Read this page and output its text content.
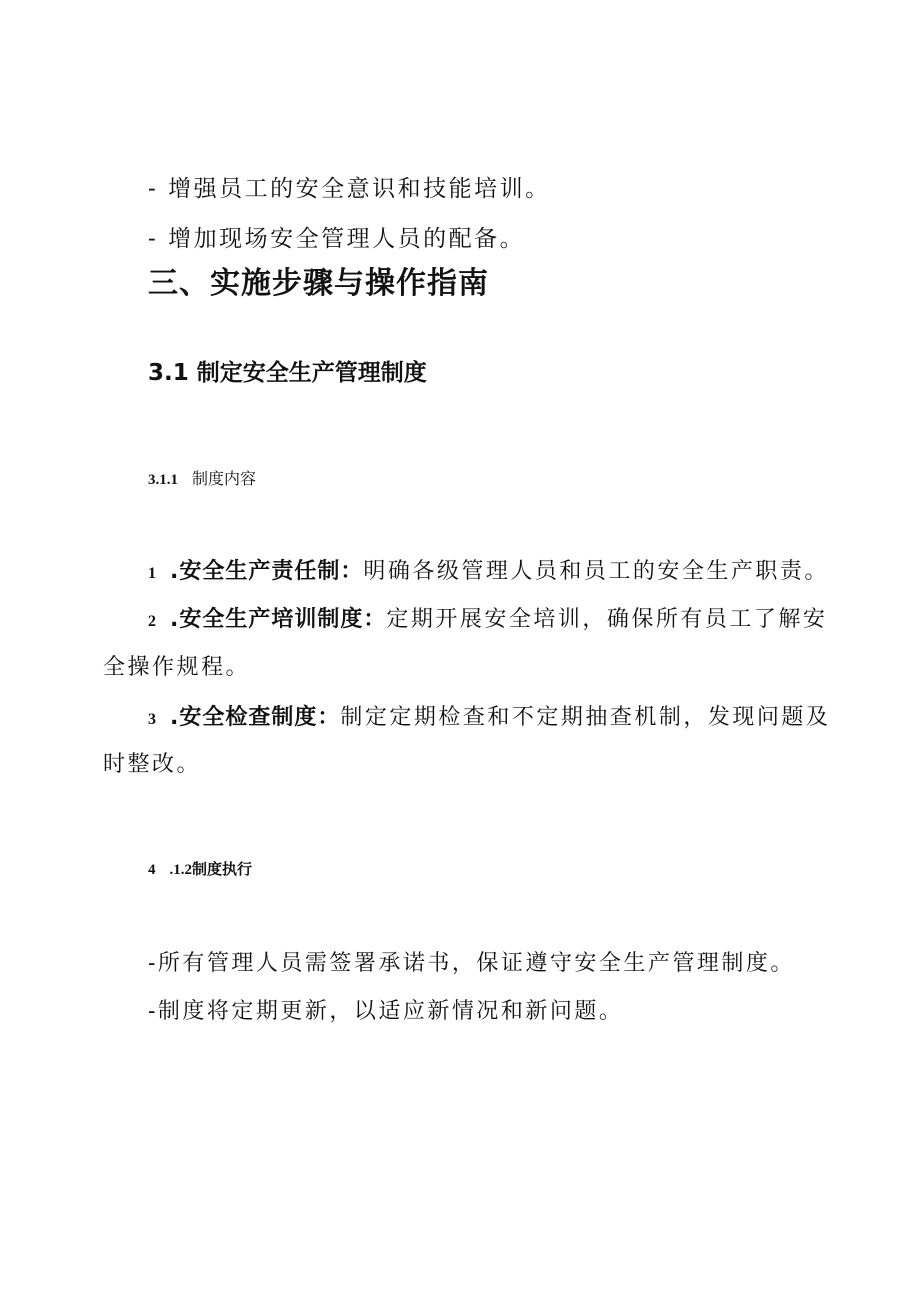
- 增强员工的安全意识和技能培训。
- 增加现场安全管理人员的配备。
三、实施步骤与操作指南
3.1 制定安全生产管理制度
3.1.1 制度内容
1 .安全生产责任制：明确各级管理人员和员工的安全生产职责。
2 .安全生产培训制度：定期开展安全培训，确保所有员工了解安
全操作规程。
3 .安全检查制度：制定定期检查和不定期抽查机制，发现问题及
时整改。
4 .1.2制度执行
-所有管理人员需签署承诺书，保证遵守安全生产管理制度。
-制度将定期更新，以适应新情况和新问题。
